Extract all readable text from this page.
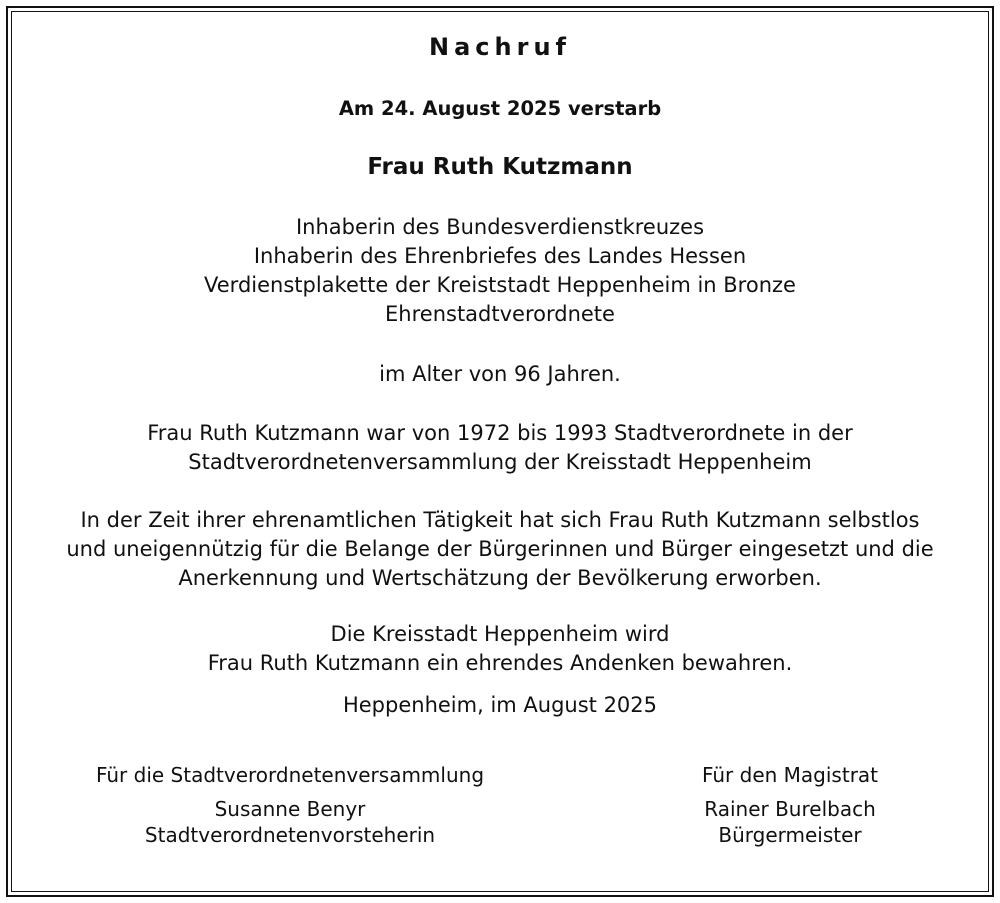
Nachruf
Am 24. August 2025 verstarb
Frau Ruth Kutzmann
Inhaberin des Bundesverdienstkreuzes
Inhaberin des Ehrenbriefes des Landes Hessen
Verdienstplakette der Kreiststadt Heppenheim in Bronze
Ehrenstadtverordnete
im Alter von 96 Jahren.
Frau Ruth Kutzmann war von 1972 bis 1993 Stadtverordnete in der
Stadtverordnetenversammlung der Kreisstadt Heppenheim
In der Zeit ihrer ehrenamtlichen Tätigkeit hat sich Frau Ruth Kutzmann selbstlos
und uneigennützig für die Belange der Bürgerinnen und Bürger eingesetzt und die
Anerkennung und Wertschätzung der Bevölkerung erworben.
Die Kreisstadt Heppenheim wird
Frau Ruth Kutzmann ein ehrendes Andenken bewahren.
Heppenheim, im August 2025
Für die Stadtverordnetenversammlung
Susanne Benyr
Stadtverordnetenvorsteherin
Für den Magistrat
Rainer Burelbach
Bürgermeister
